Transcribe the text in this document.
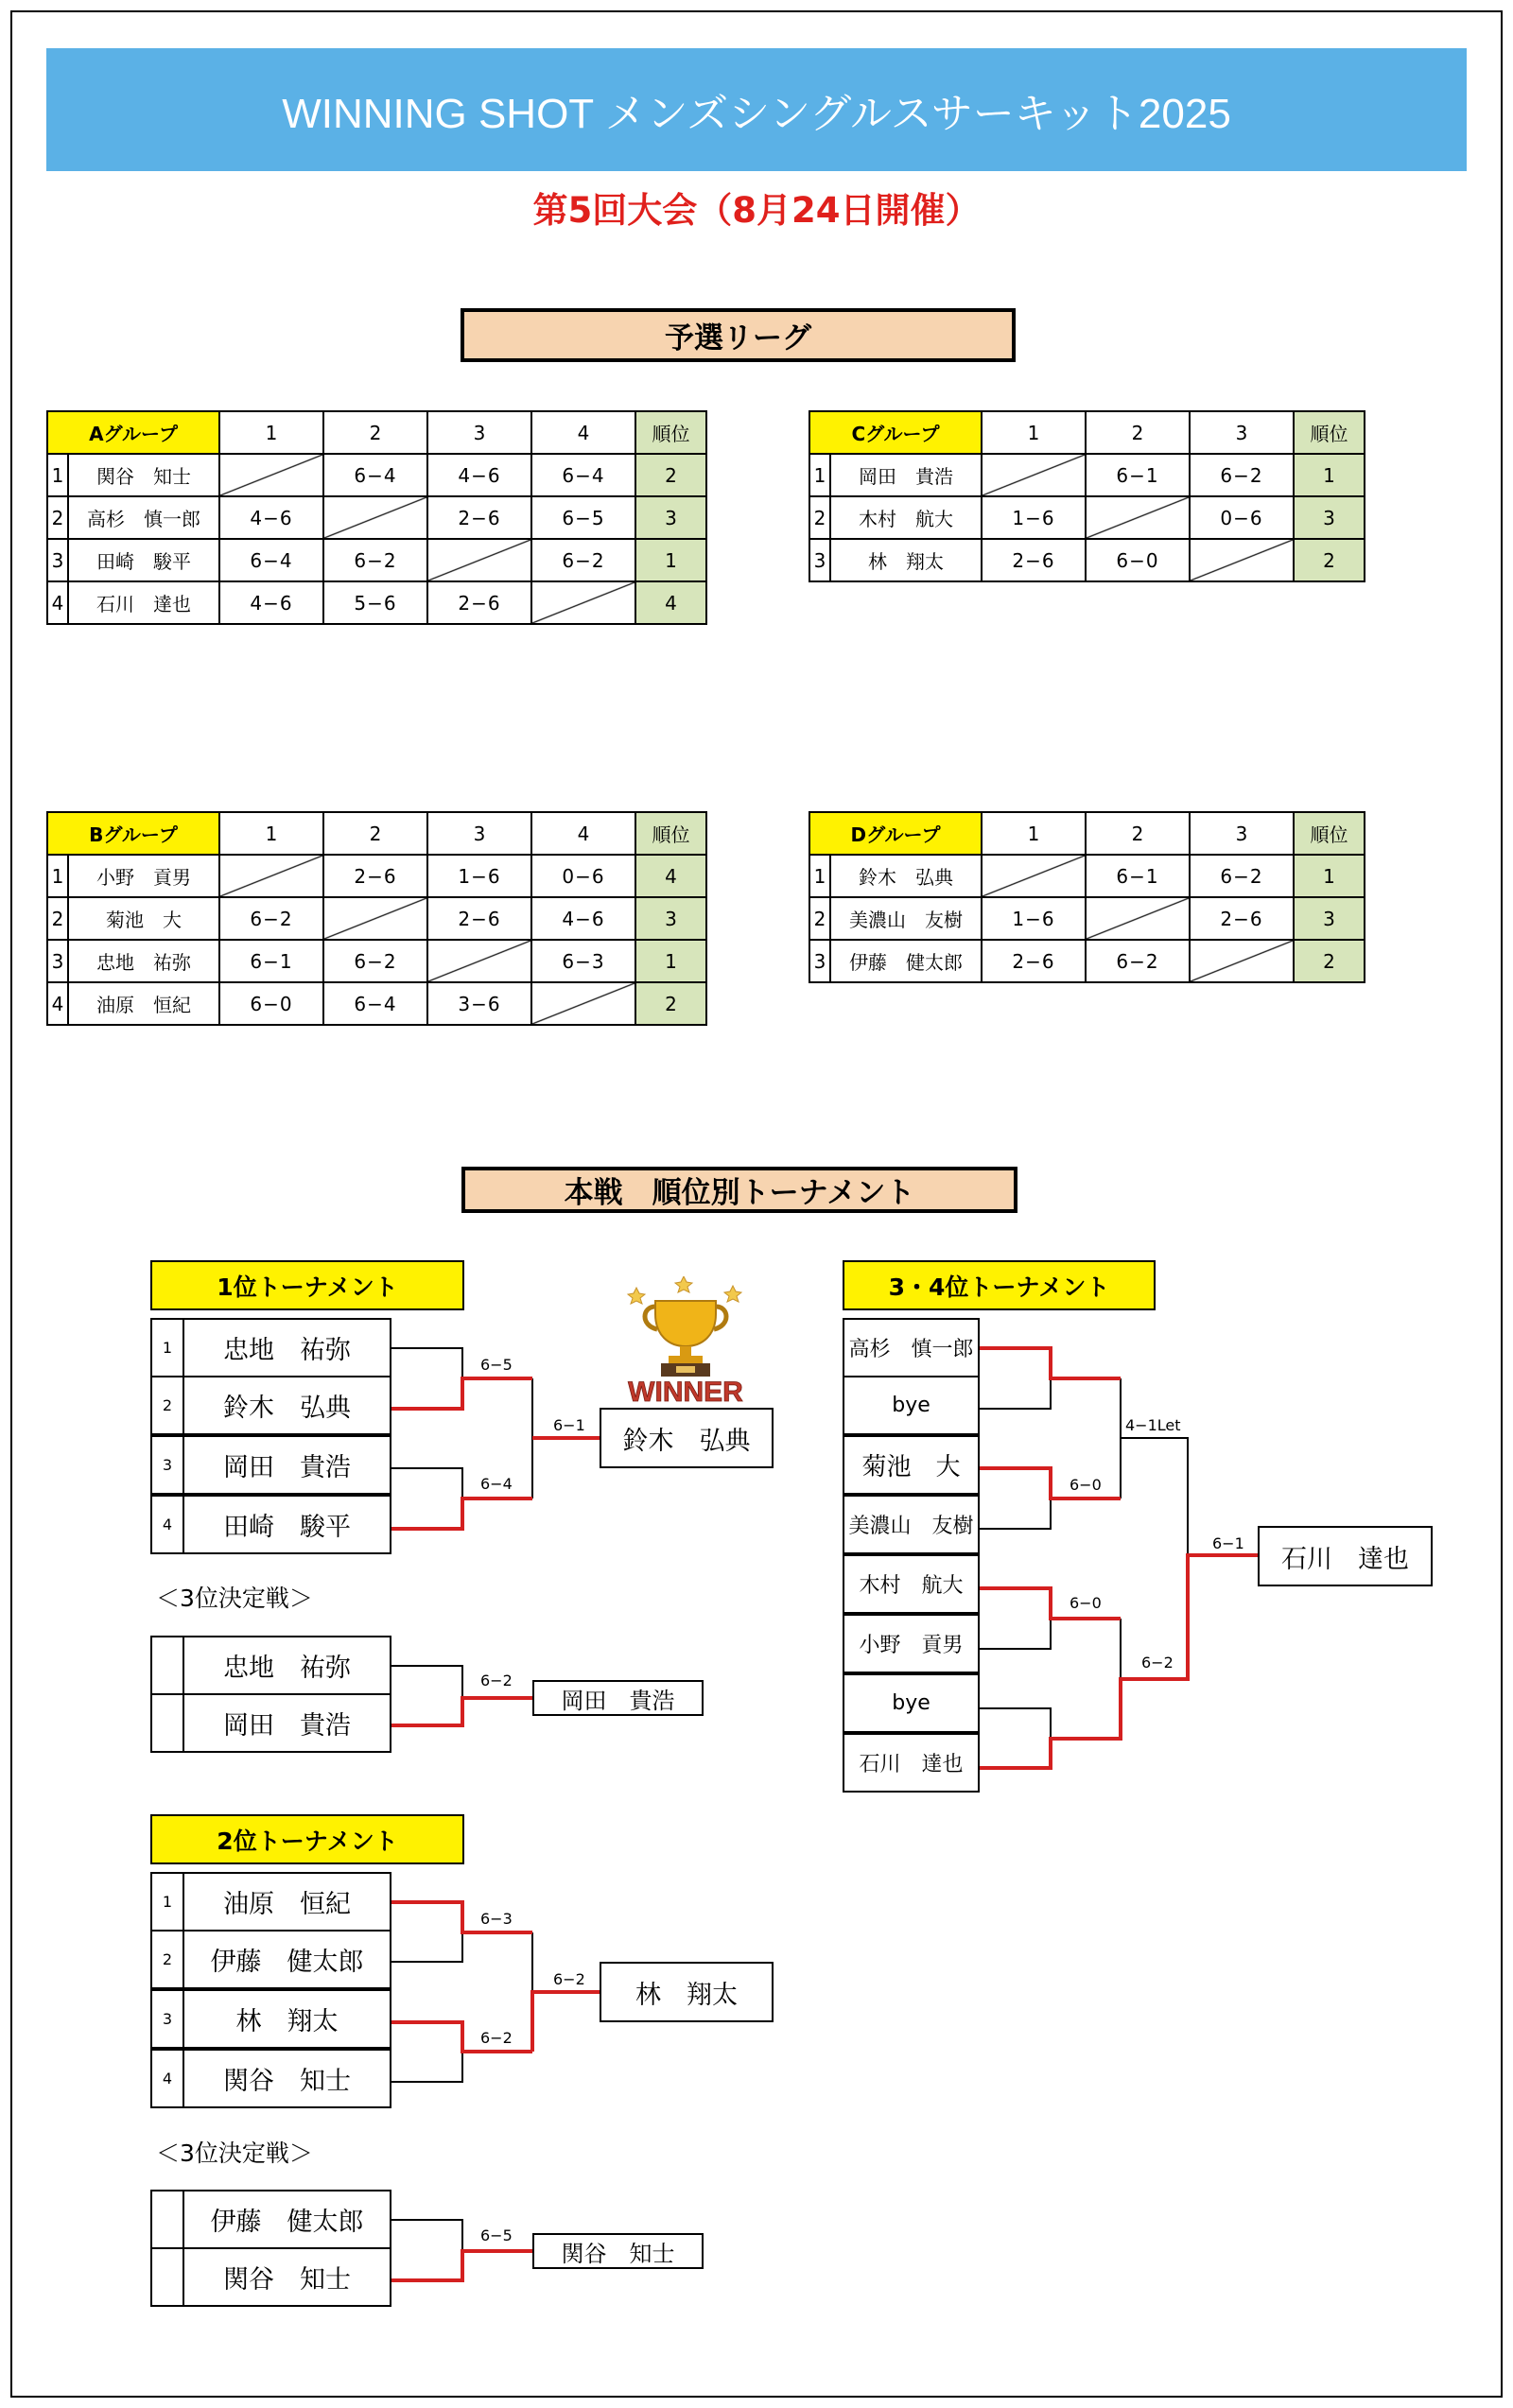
WINNING SHOT メンズシングルスサーキット2025
第5回大会（8月24日開催）
予選リーグ
本戦　順位別トーナメント
Aグループ		1	2	3	4	順位
1	関谷　知士		6−4	4−6	6−4	2
2	高杉　慎一郎	4−6		2−6	6−5	3
3	田崎　駿平	6−4	6−2		6−2	1
4	石川　達也	4−6	5−6	2−6		4
Bグループ		1	2	3	4	順位
1	小野　貢男		2−6	1−6	0−6	4
2	菊池　大	6−2		2−6	4−6	3
3	忠地　祐弥	6−1	6−2		6−3	1
4	油原　恒紀	6−0	6−4	3−6		2
Cグループ		1	2	3	順位
1	岡田　貴浩		6−1	6−2	1
2	木村　航大	1−6		0−6	3
3	林　翔太	2−6	6−0		2
Dグループ		1	2	3	順位
1	鈴木　弘典		6−1	6−2	1
2	美濃山　友樹	1−6		2−6	3
3	伊藤　健太郎	2−6	6−2		2
1位トーナメント
1	忠地　祐弥
2	鈴木　弘典
3	岡田　貴浩
4	田崎　駿平
6−5
6−4
6−1
鈴木　弘典
WINNER
＜3位決定戦＞
忠地　祐弥
岡田　貴浩
6−2
岡田　貴浩
2位トーナメント
1	油原　恒紀
2	伊藤　健太郎
3	林　翔太
4	関谷　知士
6−3
6−2
6−2
林　翔太
＜3位決定戦＞
伊藤　健太郎
関谷　知士
6−5
関谷　知士
3・4位トーナメント
高杉　慎一郎
bye
菊池　大
美濃山　友樹
木村　航大
小野　貢男
bye
石川　達也
6−0
6−0
4−1Let
6−2
6−1
石川　達也
